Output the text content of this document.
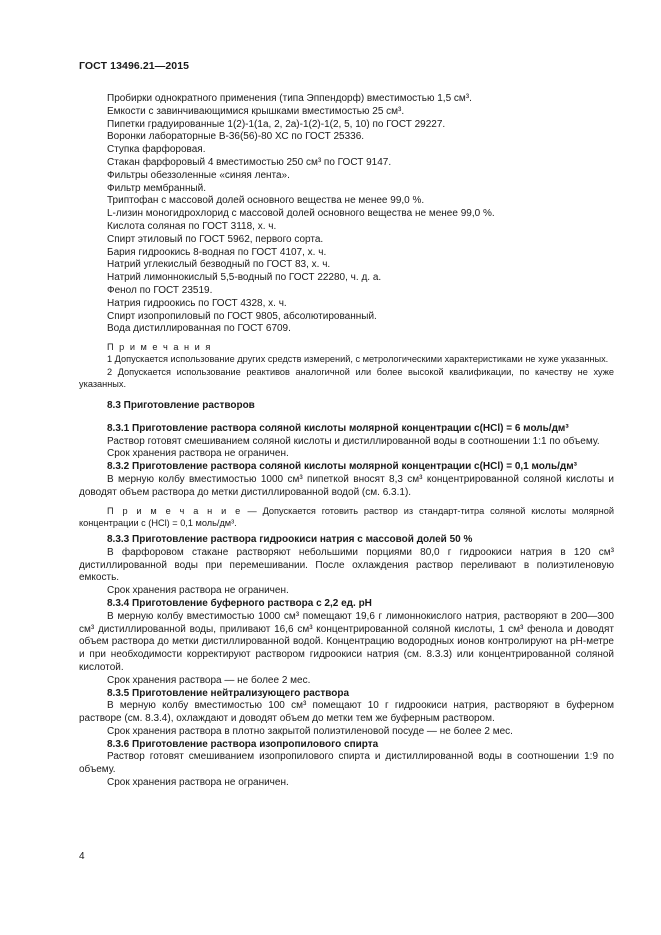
ГОСТ 13496.21—2015

Пробирки однократного применения (типа Эппендорф) вместимостью 1,5 см³.

Емкости с завинчивающимися крышками вместимостью 25 см³.

Пипетки градуированные 1(2)-1(1а, 2, 2а)-1(2)-1(2, 5, 10) по ГОСТ 29227.

Воронки лабораторные В-36(56)-80 ХС по ГОСТ 25336.

Ступка фарфоровая.

Стакан фарфоровый 4 вместимостью 250 см³ по ГОСТ 9147.

Фильтры обеззоленные «синяя лента».

Фильтр мембранный.

Триптофан с массовой долей основного вещества не менее 99,0 %.

L-лизин моногидрохлорид с массовой долей основного вещества не менее 99,0 %.

Кислота соляная по ГОСТ 3118, х. ч.

Спирт этиловый по ГОСТ 5962, первого сорта.

Бария гидроокись 8-водная по ГОСТ 4107, х. ч.

Натрий углекислый безводный по ГОСТ 83, х. ч.

Натрий лимоннокислый 5,5-водный по ГОСТ 22280, ч. д. а.

Фенол по ГОСТ 23519.

Натрия гидроокись по ГОСТ 4328, х. ч.

Спирт изопропиловый по ГОСТ 9805, абсолютированный.

Вода дистиллированная по ГОСТ 6709.

П р и м е ч а н и я

1 Допускается использование других средств измерений, с метрологическими характеристиками не хуже указанных.

2 Допускается использование реактивов аналогичной или более высокой квалификации, по качеству не хуже указанных.

8.3 Приготовление растворов

8.3.1 Приготовление раствора соляной кислоты молярной концентрации c(HCl) = 6 моль/дм³

Раствор готовят смешиванием соляной кислоты и дистиллированной воды в соотношении 1:1 по объему.

Срок хранения раствора не ограничен.

8.3.2 Приготовление раствора соляной кислоты молярной концентрации c(HCl) = 0,1 моль/дм³

В мерную колбу вместимостью 1000 см³ пипеткой вносят 8,3 см³ концентрированной соляной кислоты и доводят объем раствора до метки дистиллированной водой (см. 6.3.1).

П р и м е ч а н и е — Допускается готовить раствор из стандарт-титра соляной кислоты молярной концентрации c (HCl) = 0,1 моль/дм³.

8.3.3 Приготовление раствора гидроокиси натрия с массовой долей 50 %

В фарфоровом стакане растворяют небольшими порциями 80,0 г гидроокиси натрия в 120 см³ дистиллированной воды при перемешивании. После охлаждения раствор переливают в полиэтиленовую емкость.

Срок хранения раствора не ограничен.

8.3.4 Приготовление буферного раствора с 2,2 ед. pH

В мерную колбу вместимостью 1000 см³ помещают 19,6 г лимоннокислого натрия, растворяют в 200—300 см³ дистиллированной воды, приливают 16,6 см³ концентрированной соляной кислоты, 1 см³ фенола и доводят объем раствора до метки дистиллированной водой. Концентрацию водородных ионов контролируют на pH-метре и при необходимости корректируют раствором гидроокиси натрия (см. 8.3.3) или концентрированной соляной кислотой.

Срок хранения раствора — не более 2 мес.

8.3.5 Приготовление нейтрализующего раствора

В мерную колбу вместимостью 100 см³ помещают 10 г гидроокиси натрия, растворяют в буферном растворе (см. 8.3.4), охлаждают и доводят объем до метки тем же буферным раствором.

Срок хранения раствора в плотно закрытой полиэтиленовой посуде — не более 2 мес.

8.3.6 Приготовление раствора изопропилового спирта

Раствор готовят смешиванием изопропилового спирта и дистиллированной воды в соотношении 1:9 по объему.

Срок хранения раствора не ограничен.

4
